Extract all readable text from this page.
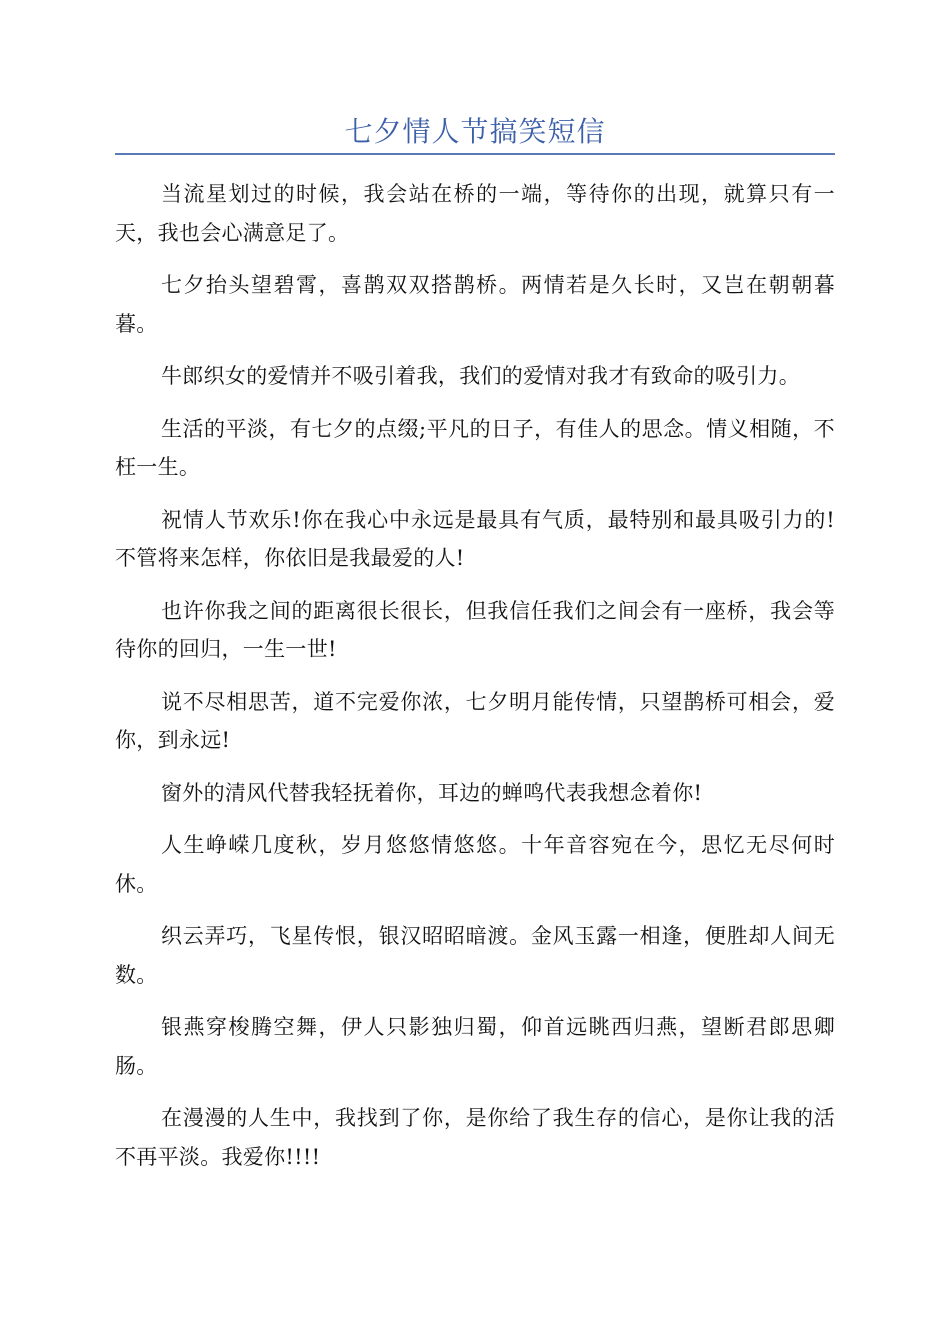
七夕情人节搞笑短信

当流星划过的时候，我会站在桥的一端，等待你的出现，就算只有一天，我也会心满意足了。

七夕抬头望碧霄，喜鹊双双搭鹊桥。两情若是久长时，又岂在朝朝暮暮。

牛郎织女的爱情并不吸引着我，我们的爱情对我才有致命的吸引力。

生活的平淡，有七夕的点缀;平凡的日子，有佳人的思念。情义相随，不枉一生。

祝情人节欢乐!你在我心中永远是最具有气质，最特别和最具吸引力的!不管将来怎样，你依旧是我最爱的人!

也许你我之间的距离很长很长，但我信任我们之间会有一座桥，我会等待你的回归，一生一世!

说不尽相思苦，道不完爱你浓，七夕明月能传情，只望鹊桥可相会，爱你，到永远!

窗外的清风代替我轻抚着你，耳边的蝉鸣代表我想念着你!

人生峥嵘几度秋，岁月悠悠情悠悠。十年音容宛在今，思忆无尽何时休。

织云弄巧，飞星传恨，银汉昭昭暗渡。金风玉露一相逢，便胜却人间无数。

银燕穿梭腾空舞，伊人只影独归蜀，仰首远眺西归燕，望断君郎思卿肠。

在漫漫的人生中，我找到了你，是你给了我生存的信心，是你让我的活不再平淡。我爱你!!!!
